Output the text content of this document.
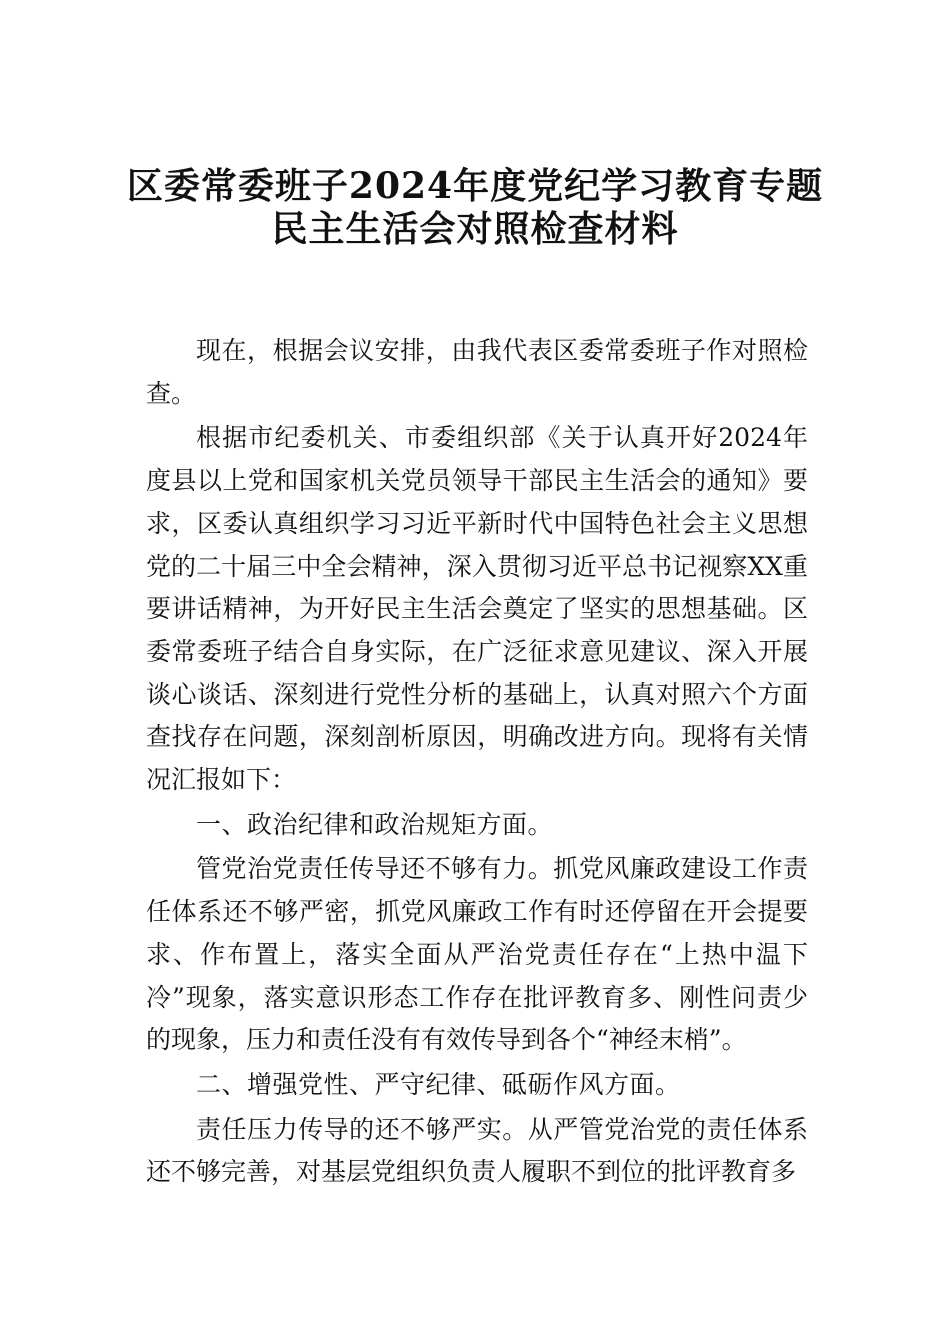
区委常委班子2024年度党纪学习教育专题
民主生活会对照检查材料

现在，根据会议安排，由我代表区委常委班子作对照检查。

根据市纪委机关、市委组织部《关于认真开好2024年度县以上党和国家机关党员领导干部民主生活会的通知》要求，区委认真组织学习习近平新时代中国特色社会主义思想党的二十届三中全会精神，深入贯彻习近平总书记视察XX重要讲话精神，为开好民主生活会奠定了坚实的思想基础。区委常委班子结合自身实际，在广泛征求意见建议、深入开展谈心谈话、深刻进行党性分析的基础上，认真对照六个方面查找存在问题，深刻剖析原因，明确改进方向。现将有关情况汇报如下：

一、政治纪律和政治规矩方面。

管党治党责任传导还不够有力。抓党风廉政建设工作责任体系还不够严密，抓党风廉政工作有时还停留在开会提要求、作布置上，落实全面从严治党责任存在“上热中温下冷”现象，落实意识形态工作存在批评教育多、刚性问责少的现象，压力和责任没有有效传导到各个“神经末梢”。

二、增强党性、严守纪律、砥砺作风方面。

责任压力传导的还不够严实。从严管党治党的责任体系还不够完善，对基层党组织负责人履职不到位的批评教育多
